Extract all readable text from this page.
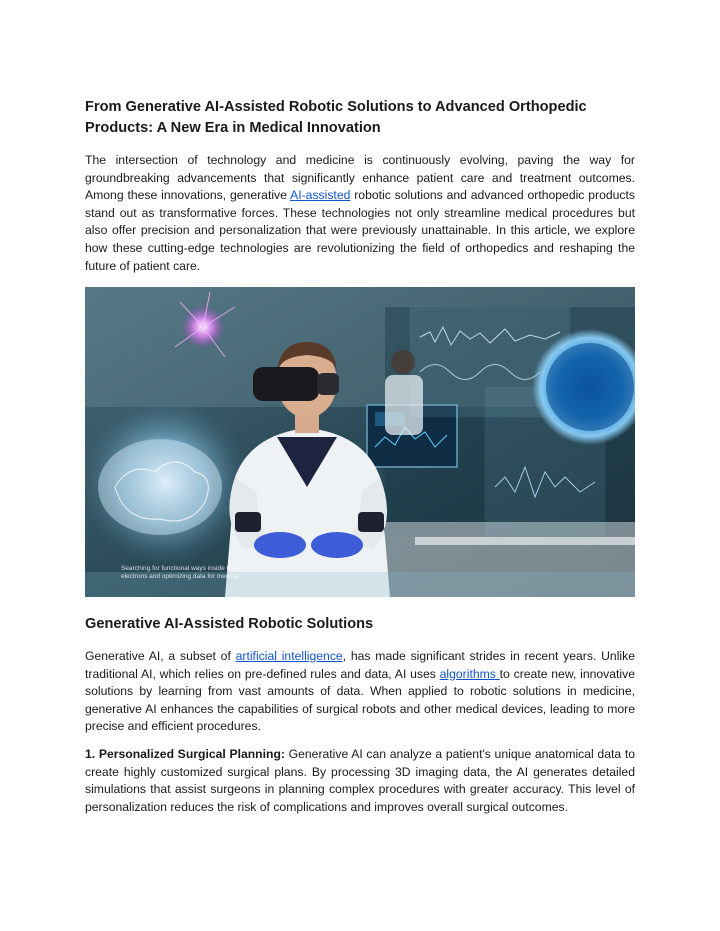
From Generative AI-Assisted Robotic Solutions to Advanced Orthopedic Products: A New Era in Medical Innovation

The intersection of technology and medicine is continuously evolving, paving the way for groundbreaking advancements that significantly enhance patient care and treatment outcomes. Among these innovations, generative AI-assisted robotic solutions and advanced orthopedic products stand out as transformative forces. These technologies not only streamline medical procedures but also offer precision and personalization that were previously unattainable. In this article, we explore how these cutting-edge technologies are revolutionizing the field of orthopedics and reshaping the future of patient care.

Searching for functional ways inside the electrons and optimizing data for medical
Generative AI-Assisted Robotic Solutions

Generative AI, a subset of artificial intelligence, has made significant strides in recent years. Unlike traditional AI, which relies on pre-defined rules and data, AI uses algorithms to create new, innovative solutions by learning from vast amounts of data. When applied to robotic solutions in medicine, generative AI enhances the capabilities of surgical robots and other medical devices, leading to more precise and efficient procedures.

1. Personalized Surgical Planning: Generative AI can analyze a patient's unique anatomical data to create highly customized surgical plans. By processing 3D imaging data, the AI generates detailed simulations that assist surgeons in planning complex procedures with greater accuracy. This level of personalization reduces the risk of complications and improves overall surgical outcomes.
